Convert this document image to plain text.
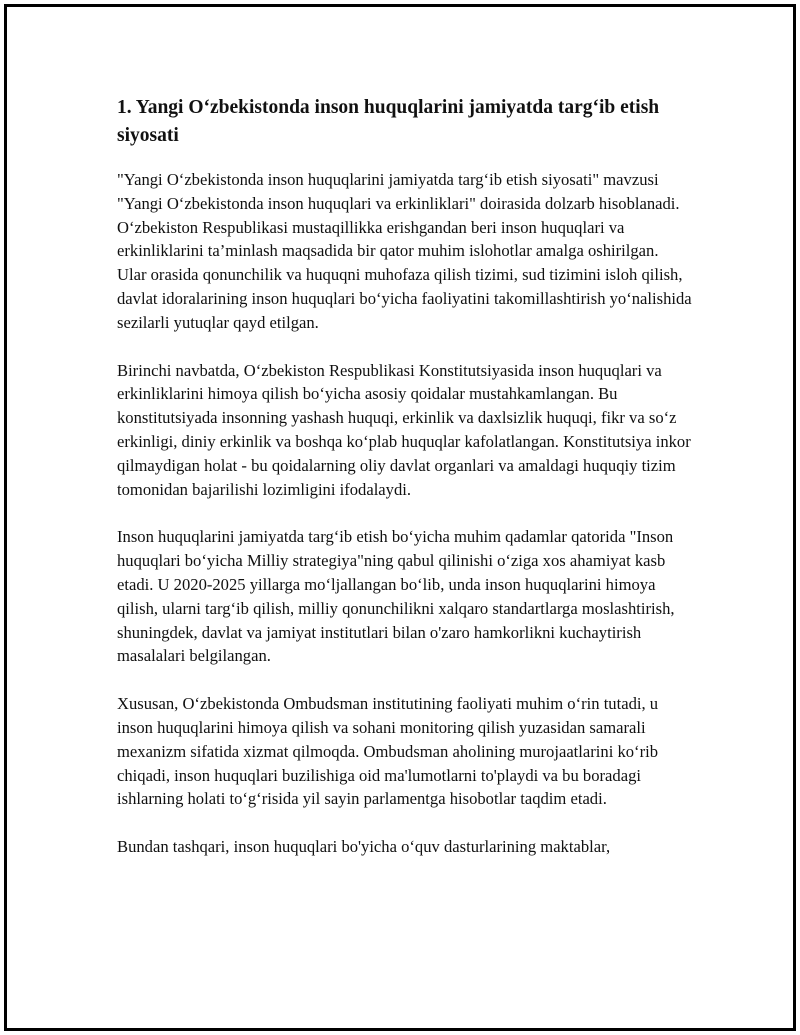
1. Yangi O‘zbekistonda inson huquqlarini jamiyatda targ‘ib etish siyosati

"Yangi O‘zbekistonda inson huquqlarini jamiyatda targ‘ib etish siyosati" mavzusi "Yangi O‘zbekistonda inson huquqlari va erkinliklari" doirasida dolzarb hisoblanadi. O‘zbekiston Respublikasi mustaqillikka erishgandan beri inson huquqlari va erkinliklarini ta’minlash maqsadida bir qator muhim islohotlar amalga oshirilgan. Ular orasida qonunchilik va huquqni muhofaza qilish tizimi, sud tizimini isloh qilish, davlat idoralarining inson huquqlari bo‘yicha faoliyatini takomillashtirish yo‘nalishida sezilarli yutuqlar qayd etilgan.

Birinchi navbatda, O‘zbekiston Respublikasi Konstitutsiyasida inson huquqlari va erkinliklarini himoya qilish bo‘yicha asosiy qoidalar mustahkamlangan. Bu konstitutsiyada insonning yashash huquqi, erkinlik va daxlsizlik huquqi, fikr va so‘z erkinligi, diniy erkinlik va boshqa ko‘plab huquqlar kafolatlangan. Konstitutsiya inkor qilmaydigan holat - bu qoidalarning oliy davlat organlari va amaldagi huquqiy tizim tomonidan bajarilishi lozimligini ifodalaydi.

Inson huquqlarini jamiyatda targ‘ib etish bo‘yicha muhim qadamlar qatorida "Inson huquqlari bo‘yicha Milliy strategiya"ning qabul qilinishi o‘ziga xos ahamiyat kasb etadi. U 2020-2025 yillarga mo‘ljallangan bo‘lib, unda inson huquqlarini himoya qilish, ularni targ‘ib qilish, milliy qonunchilikni xalqaro standartlarga moslashtirish, shuningdek, davlat va jamiyat institutlari bilan o'zaro hamkorlikni kuchaytirish masalalari belgilangan.

Xususan, O‘zbekistonda Ombudsman institutining faoliyati muhim o‘rin tutadi, u inson huquqlarini himoya qilish va sohani monitoring qilish yuzasidan samarali mexanizm sifatida xizmat qilmoqda. Ombudsman aholining murojaatlarini ko‘rib chiqadi, inson huquqlari buzilishiga oid ma'lumotlarni to'playdi va bu boradagi ishlarning holati to‘g‘risida yil sayin parlamentga hisobotlar taqdim etadi.

Bundan tashqari, inson huquqlari bo'yicha o‘quv dasturlarining maktablar,
